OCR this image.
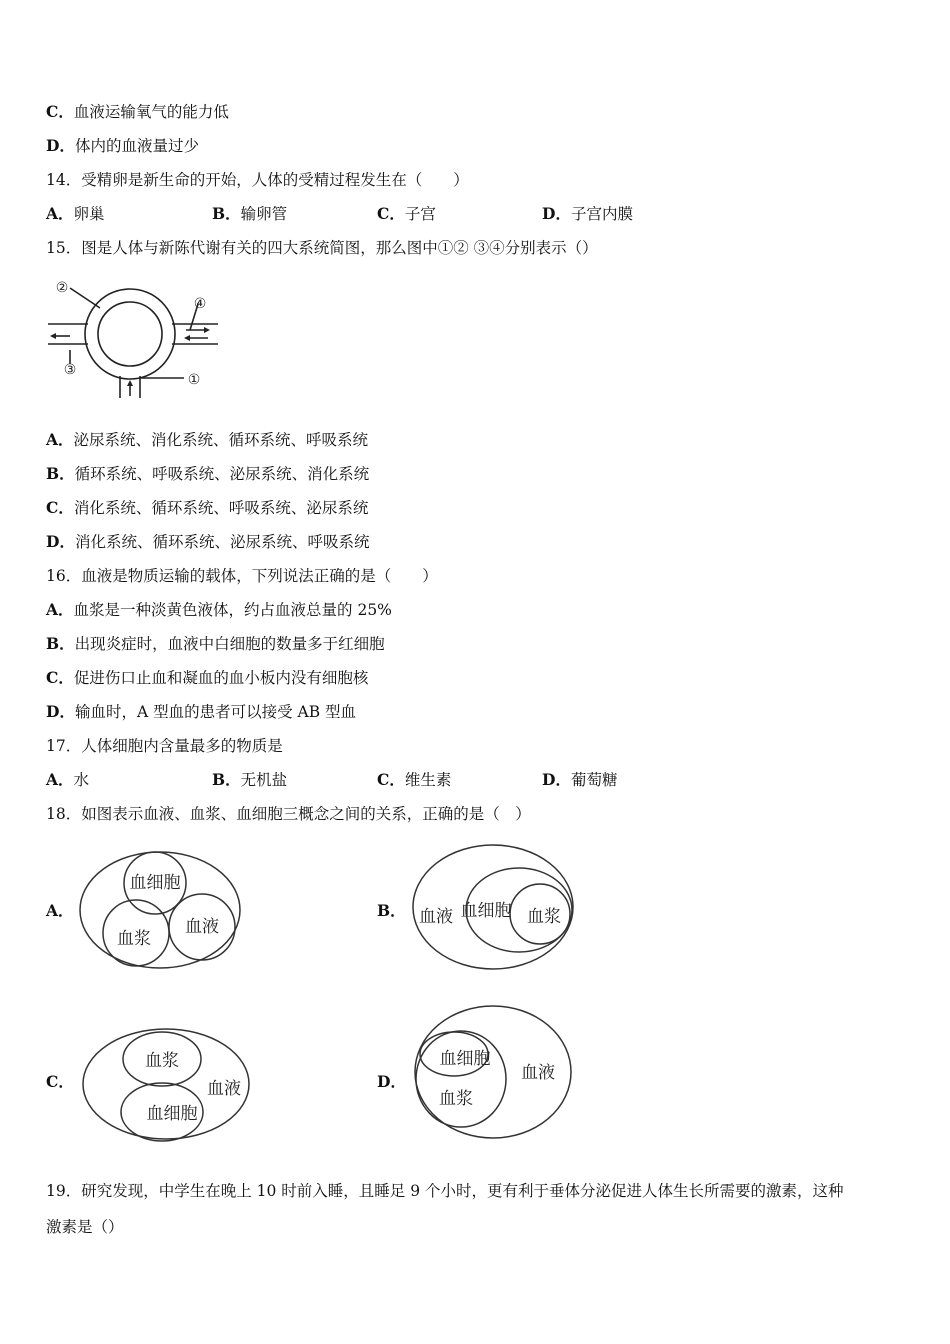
C．血液运输氧气的能力低
D．体内的血液量过少
14．受精卵是新生命的开始，人体的受精过程发生在（　　）
A．卵巢	B．输卵管	C．子宫	D．子宫内膜
15．图是人体与新陈代谢有关的四大系统简图，那么图中①② ③④分别表示（）
②
④
③
①
A．泌尿系统、消化系统、循环系统、呼吸系统
B．循环系统、呼吸系统、泌尿系统、消化系统
C．消化系统、循环系统、呼吸系统、泌尿系统
D．消化系统、循环系统、泌尿系统、呼吸系统
16．血液是物质运输的载体，下列说法正确的是（　　）
A．血浆是一种淡黄色液体，约占血液总量的 25%
B．出现炎症时，血液中白细胞的数量多于红细胞
C．促进伤口止血和凝血的血小板内没有细胞核
D．输血时，A 型血的患者可以接受 AB 型血
17．人体细胞内含量最多的物质是
A．水	B．无机盐	C．维生素	D．葡萄糖
18．如图表示血液、血浆、血细胞三概念之间的关系，正确的是（　）
A．
血细胞
血浆
血液
B． 血液 血细胞 血浆
C．
血浆
血液
血细胞
D．
血细胞
血液
血浆
19．研究发现，中学生在晚上 10 时前入睡，且睡足 9 个小时，更有利于垂体分泌促进人体生长所需要的激素，这种
激素是（）
